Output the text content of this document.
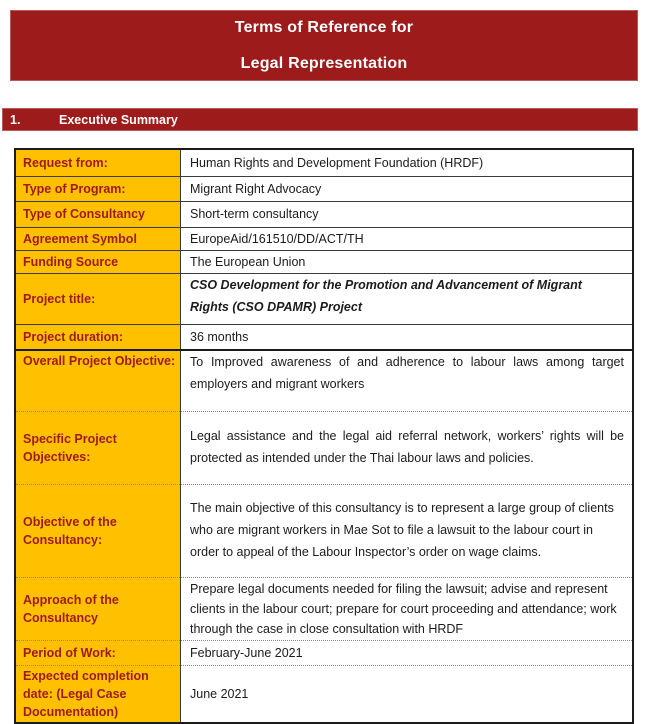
Terms of Reference for
Legal Representation
1.	Executive Summary
Request from:	Human Rights and Development Foundation (HRDF)
Type of Program:	Migrant Right Advocacy
Type of Consultancy	Short-term consultancy
Agreement Symbol	EuropeAid/161510/DD/ACT/TH
Funding Source	The European Union
Project title:	CSO Development for the Promotion and Advancement of Migrant Rights (CSO DPAMR) Project
Project duration:	36 months
Overall Project Objective:	To Improved awareness of and adherence to labour laws among target employers and migrant workers
Specific Project Objectives:	Legal assistance and the legal aid referral network, workers’ rights will be protected as intended under the Thai labour laws and policies.
Objective of the Consultancy:	The main objective of this consultancy is to represent a large group of clients who are migrant workers in Mae Sot to file a lawsuit to the labour court in order to appeal of the Labour Inspector’s order on wage claims.
Approach of the Consultancy	Prepare legal documents needed for filing the lawsuit; advise and represent clients in the labour court; prepare for court proceeding and attendance; work through the case in close consultation with HRDF
Period of Work:	February-June 2021
Expected completion date: (Legal Case Documentation)	June 2021
